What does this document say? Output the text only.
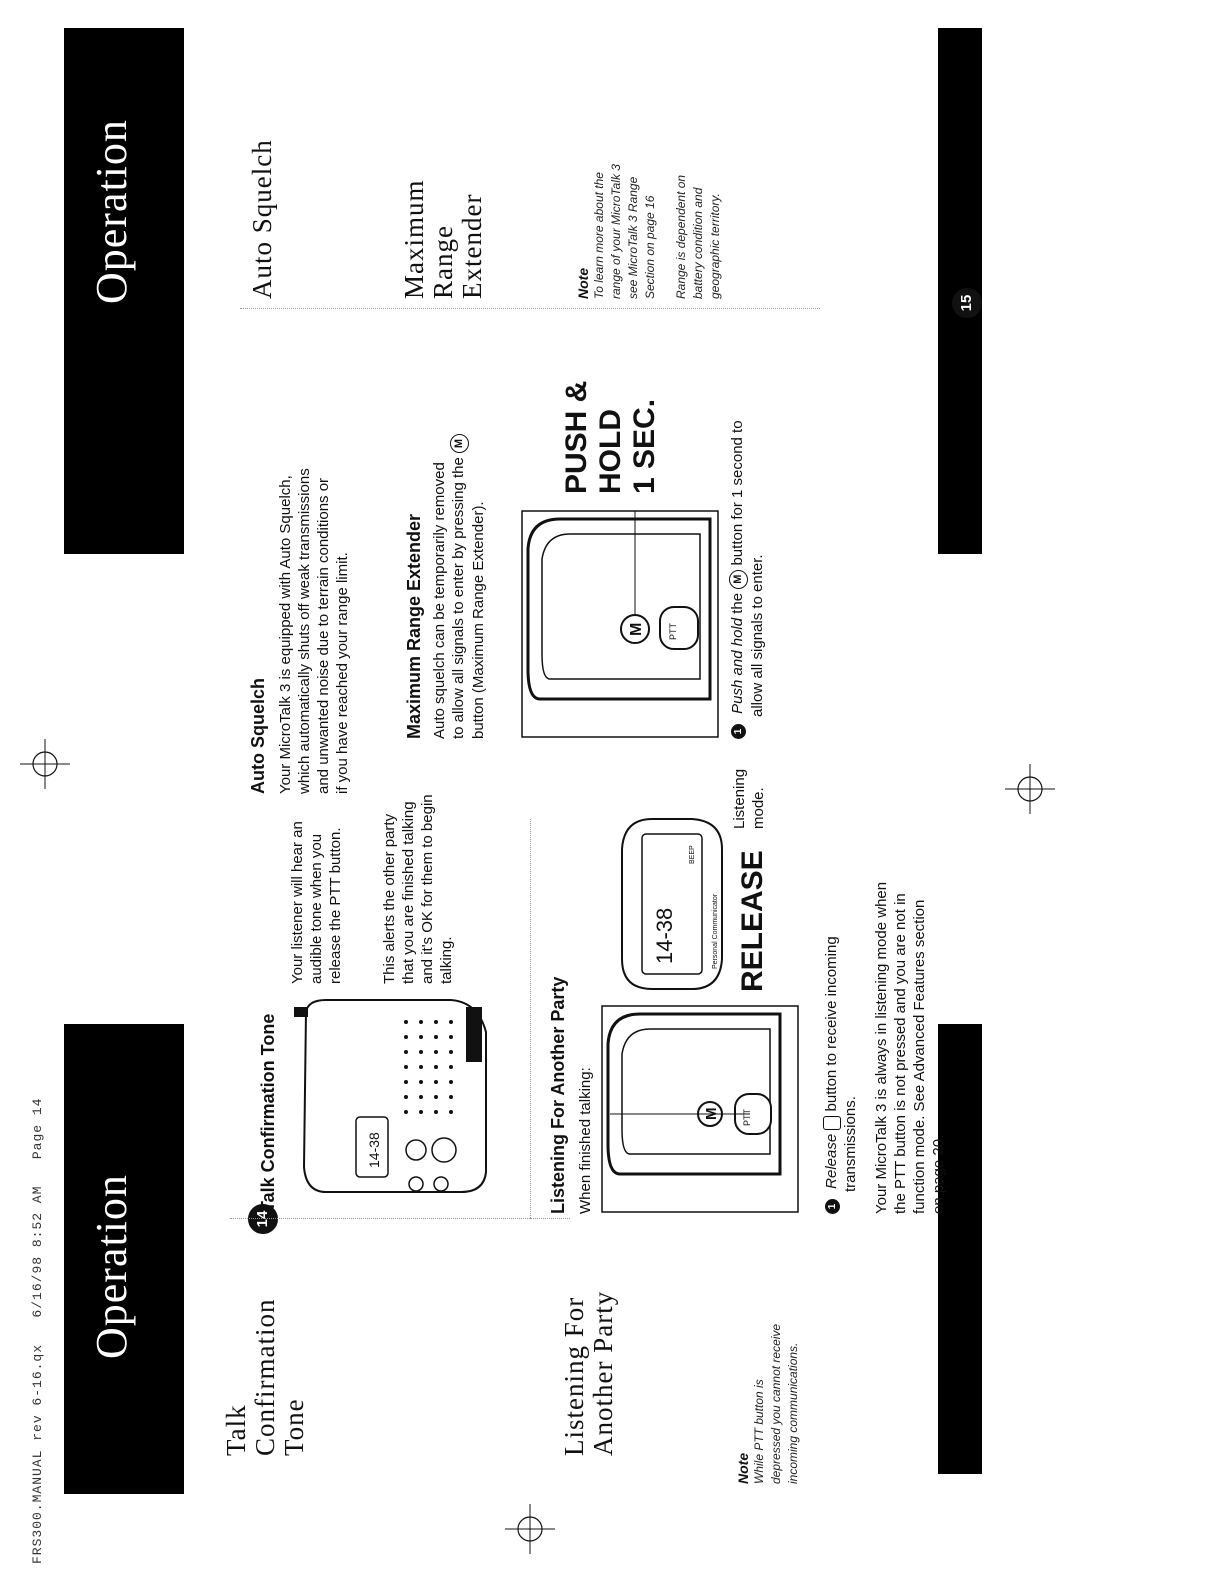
FRS300.MANUAL rev 6-16.qx   6/16/98 8:52 AM   Page 14 Operation	14
Talk Confirmation Tone	Listening For Another Party
Note While PTT button is depressed you cannot receive incoming communications.
Talk Confirmation Tone	14-38
Your listener will hear an audible tone when you release the PTT button. This alerts the other party that you are finished talking and it's OK for them to begin talking.
Listening For Another Party When finished talking:	M PTT
RELEASE
14-38	Personal Communicator
BEEP
Listening mode.
1 Release  button to receive incoming
transmissions. Your MicroTalk 3 is always in listening mode when the PTT button is not pressed and you are not in function mode. See Advanced Features section on page 20.
Operation	15
Auto Squelch Your MicroTalk 3 is equipped with Auto Squelch, which automatically shuts off weak transmissions and unwanted noise due to terrain conditions or if you have reached your range limit.	Maximum Range Extender Auto squelch can be temporarily removed to allow all signals to enter by pressing the M
button (Maximum Range Extender).	M	PTT
PUSH & HOLD 1 SEC.
1 Push and hold the M button for 1 second to
allow all signals to enter.
Auto Squelch	Maximum Range Extender	Note To learn more about the range of your MicroTalk 3 see MicroTalk 3 Range Section on page 16 Range is dependent on battery condition and geographic territory.
